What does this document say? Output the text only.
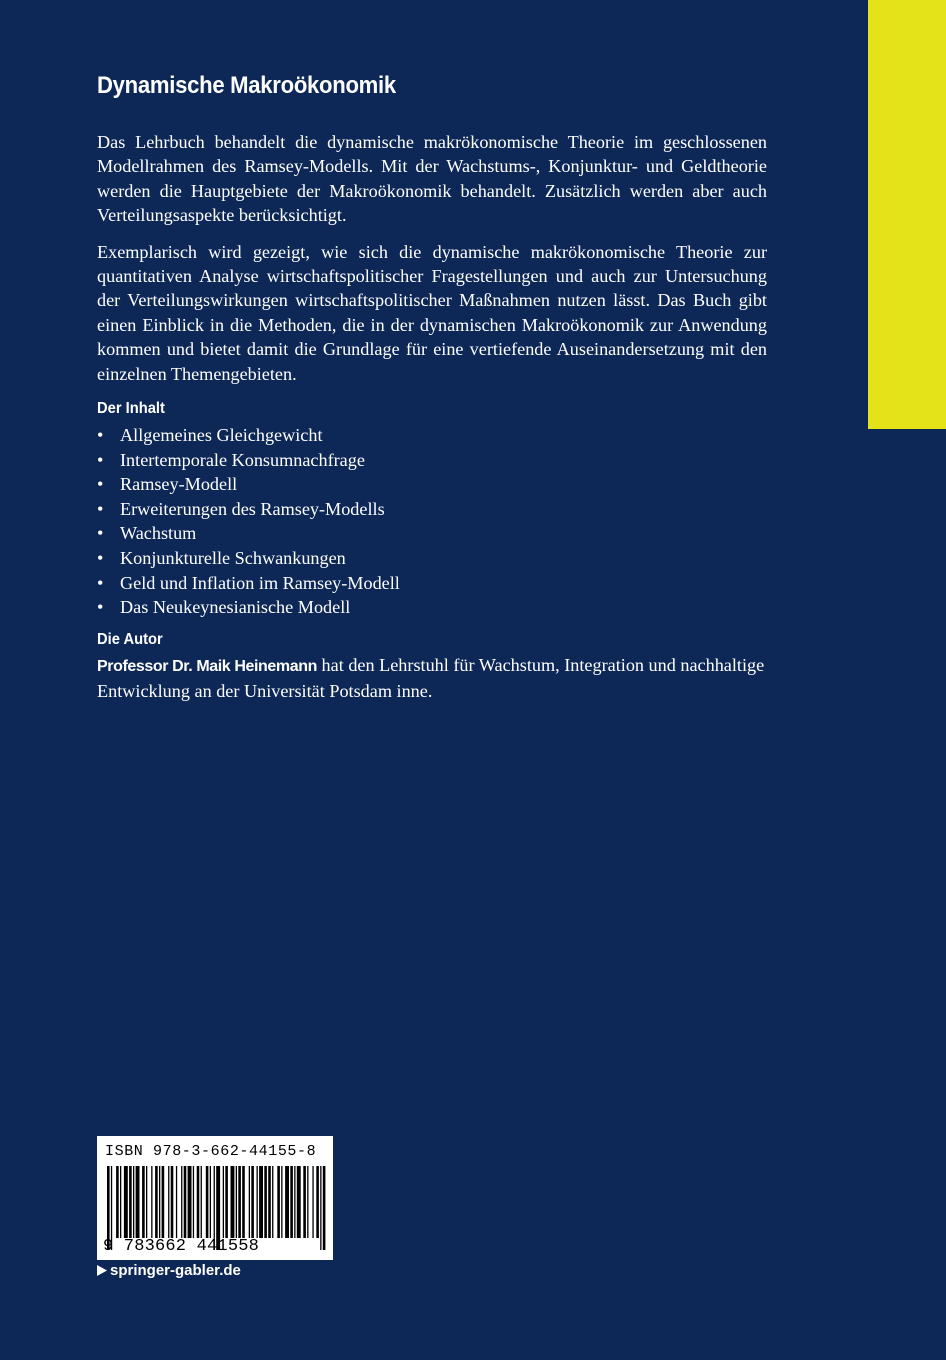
Dynamische Makroökonomik

Das Lehrbuch behandelt die dynamische makrökonomische Theorie im geschlossenen Modellrahmen des Ramsey-Modells. Mit der Wachstums-, Konjunktur- und Geldtheorie werden die Hauptgebiete der Makroökonomik behandelt. Zusätzlich werden aber auch Verteilungsaspekte berücksichtigt.

Exemplarisch wird gezeigt, wie sich die dynamische makrökonomische Theorie zur quantitativen Analyse wirtschaftspolitischer Fragestellungen und auch zur Untersuchung der Verteilungswirkungen wirtschaftspolitischer Maßnahmen nutzen lässt. Das Buch gibt einen Einblick in die Methoden, die in der dynamischen Makroökonomik zur Anwendung kommen und bietet damit die Grundlage für eine vertiefende Auseinandersetzung mit den einzelnen Themengebieten.

Der Inhalt
• Allgemeines Gleichgewicht
• Intertemporale Konsumnachfrage
• Ramsey-Modell
• Erweiterungen des Ramsey-Modells
• Wachstum
• Konjunkturelle Schwankungen
• Geld und Inflation im Ramsey-Modell
• Das Neukeynesianische Modell
Die Autor

Professor Dr. Maik Heinemann hat den Lehrstuhl für Wachstum, Integration und nachhaltige Entwicklung an der Universität Potsdam inne.

ISBN 978-3-662-44155-8
9 783662 441558
springer-gabler.de
